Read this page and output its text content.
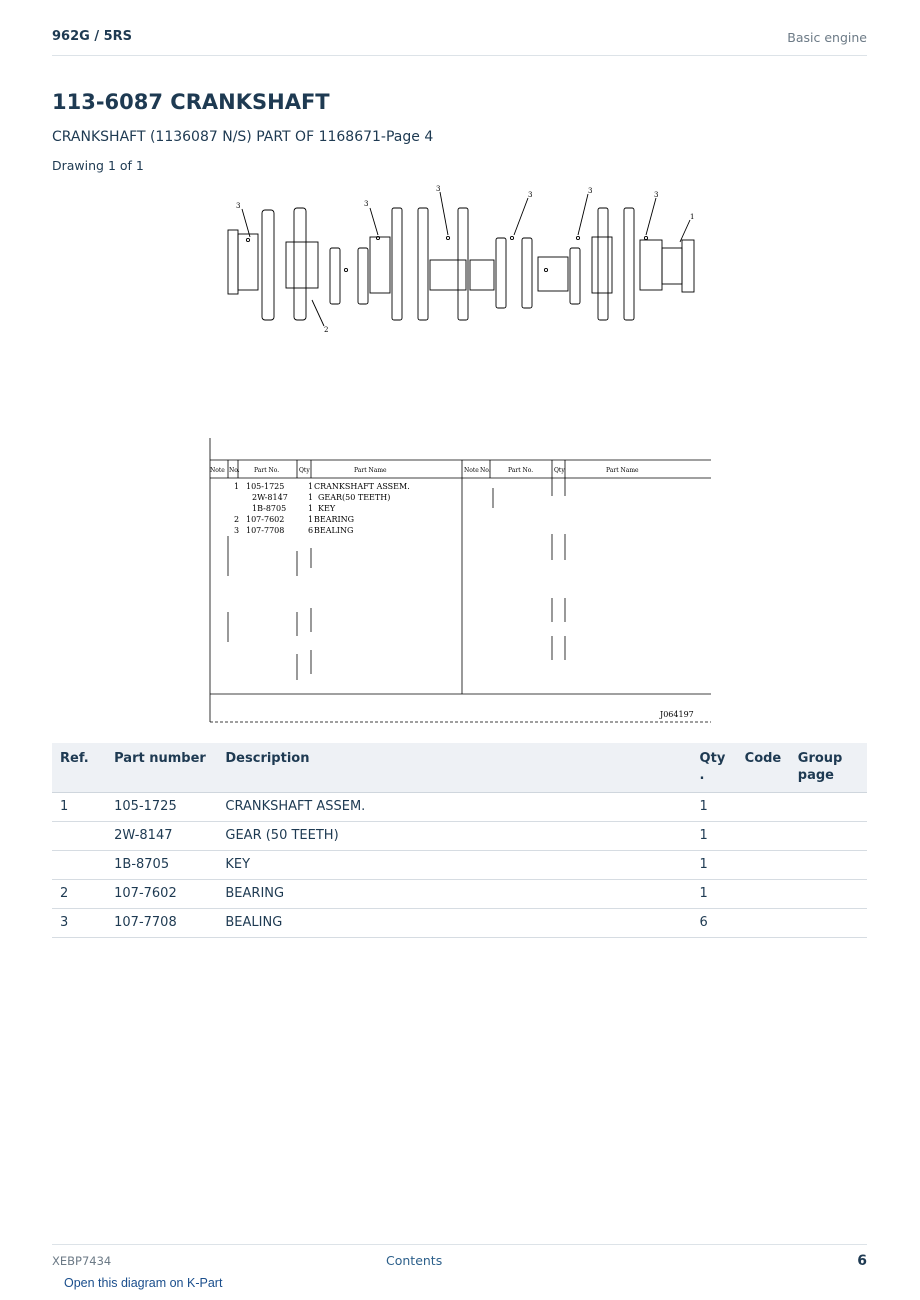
962G / 5RS	Basic engine
113-6087 CRANKSHAFT
CRANKSHAFT (1136087 N/S) PART OF 1168671-Page 4
Drawing 1 of 1
3	3
3
3	3	3
1
2
Note No. Part No.	Qty	Part Name	Note No.	Part No.	Qty	Part Name
1 105-1725	1 CRANKSHAFT ASSEM.
2W-8147	1 GEAR(50 TEETH)
1B-8705	1 KEY
2 107-7602	1 BEARING
3 107-7708	6 BEALING
J064197
Ref.	Part number	Description	Qty
.	Code	Group page
1	105-1725	CRANKSHAFT ASSEM.	1		
	2W-8147	GEAR (50 TEETH)	1		
	1B-8705	KEY	1		
2	107-7602	BEARING	1		
3	107-7708	BEALING	6		
XEBP7434	Contents	6
Open this diagram on K-Part
